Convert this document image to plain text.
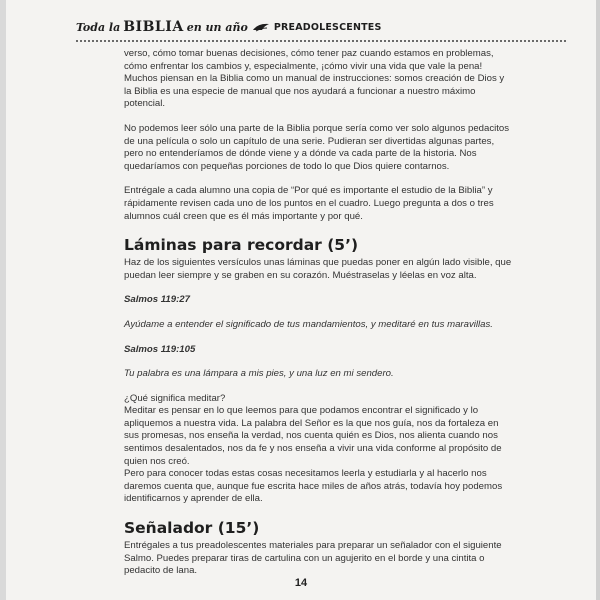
Toda la BIBLIA en un año	PREADOLESCENTES

verso, cómo tomar buenas decisiones, cómo tener paz cuando estamos en problemas, cómo enfrentar los cambios y, especialmente, ¡cómo vivir una vida que vale la pena! Muchos piensan en la Biblia como un manual de instrucciones: somos creación de Dios y la Biblia es una especie de manual que nos ayudará a funcionar a nuestro máximo potencial.

No podemos leer sólo una parte de la Biblia porque sería como ver solo algunos pedacitos de una película o solo un capítulo de una serie. Pudieran ser divertidas algunas partes, pero no entenderíamos de dónde viene y a dónde va cada parte de la historia. Nos quedaríamos con pequeñas porciones de todo lo que Dios quiere contarnos.

Entrégale a cada alumno una copia de “Por qué es importante el estudio de la Biblia” y rápidamente revisen cada uno de los puntos en el cuadro. Luego pregunta a dos o tres alumnos cuál creen que es él más importante y por qué.

Láminas para recordar (5’)

Haz de los siguientes versículos unas láminas que puedas poner en algún lado visible, que puedan leer siempre y se graben en su corazón. Muéstraselas y léelas en voz alta.

Salmos 119:27

Ayúdame a entender el significado de tus mandamientos, y meditaré en tus maravillas.

Salmos 119:105

Tu palabra es una lámpara a mis pies, y una luz en mi sendero.

¿Qué significa meditar?

Meditar es pensar en lo que leemos para que podamos encontrar el significado y lo apliquemos a nuestra vida. La palabra del Señor es la que nos guía, nos da fortaleza en sus promesas, nos enseña la verdad, nos cuenta quién es Dios, nos alienta cuando nos sentimos desalentados, nos da fe y nos enseña a vivir una vida conforme al propósito de quien nos creó.

Pero para conocer todas estas cosas necesitamos leerla y estudiarla y al hacerlo nos daremos cuenta que, aunque fue escrita hace miles de años atrás, todavía hoy podemos identificarnos y aprender de ella.

Señalador (15’)

Entrégales a tus preadolescentes materiales para preparar un señalador con el siguiente Salmo. Puedes preparar tiras de cartulina con un agujerito en el borde y una cintita o pedacito de lana.

14
